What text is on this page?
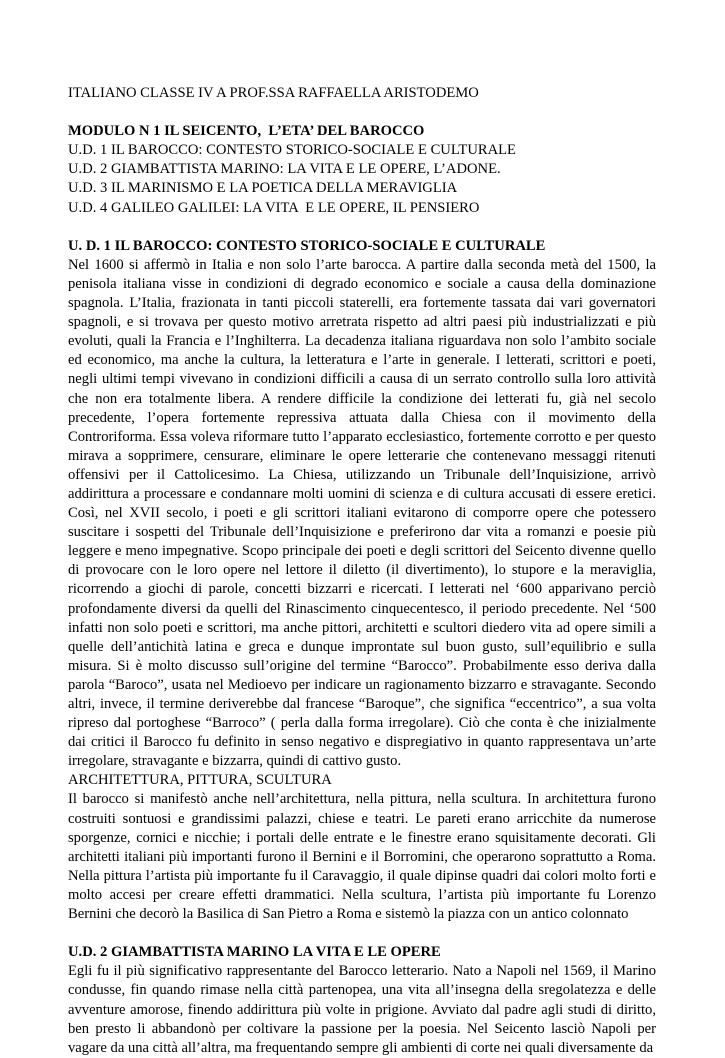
ITALIANO CLASSE IV A PROF.SSA RAFFAELLA ARISTODEMO
MODULO N 1 IL SEICENTO,  L’ETA’ DEL BAROCCO
U.D. 1 IL BAROCCO: CONTESTO STORICO-SOCIALE E CULTURALE
U.D. 2 GIAMBATTISTA MARINO: LA VITA E LE OPERE, L’ADONE.
U.D. 3 IL MARINISMO E LA POETICA DELLA MERAVIGLIA
U.D. 4 GALILEO GALILEI: LA VITA  E LE OPERE, IL PENSIERO
U. D. 1 IL BAROCCO: CONTESTO STORICO-SOCIALE E CULTURALE
Nel 1600 si affermò in Italia e non solo l’arte barocca. A partire dalla seconda metà del 1500, la penisola italiana visse in condizioni di degrado economico e sociale a causa della dominazione spagnola. L’Italia, frazionata in tanti piccoli staterelli, era fortemente tassata dai vari governatori spagnoli, e si trovava per questo motivo arretrata rispetto ad altri paesi più industrializzati e più evoluti, quali la Francia e l’Inghilterra. La decadenza italiana riguardava non solo l’ambito sociale ed economico, ma anche la cultura, la letteratura e l’arte in generale. I letterati, scrittori e poeti, negli ultimi tempi vivevano in condizioni difficili a causa di un serrato controllo sulla loro attività che non era totalmente libera. A rendere difficile la condizione dei letterati fu, già nel secolo precedente, l’opera fortemente repressiva attuata dalla Chiesa con il movimento della Controriforma. Essa voleva riformare tutto l’apparato ecclesiastico, fortemente corrotto e per questo mirava a sopprimere, censurare, eliminare le opere letterarie che contenevano messaggi ritenuti offensivi per il Cattolicesimo. La Chiesa, utilizzando un Tribunale dell’Inquisizione, arrivò addirittura a processare e condannare molti uomini di scienza e di cultura accusati di essere eretici. Così, nel XVII secolo, i poeti e gli scrittori italiani evitarono di comporre opere che potessero suscitare i sospetti del Tribunale dell’Inquisizione e preferirono dar vita a romanzi e poesie più leggere e meno impegnative. Scopo principale dei poeti e degli scrittori del Seicento divenne quello di provocare con le loro opere nel lettore il diletto (il divertimento), lo stupore e la meraviglia, ricorrendo a giochi di parole, concetti bizzarri e ricercati. I letterati nel ‘600 apparivano perciò profondamente diversi da quelli del Rinascimento cinquecentesco, il periodo precedente. Nel ‘500 infatti non solo poeti e scrittori, ma anche pittori, architetti e scultori diedero vita ad opere simili a quelle dell’antichità latina e greca e dunque improntate sul buon gusto, sull’equilibrio e sulla misura. Si è molto discusso sull’origine del termine “Barocco”. Probabilmente esso deriva dalla parola “Baroco”, usata nel Medioevo per indicare un ragionamento bizzarro e stravagante. Secondo altri, invece, il termine deriverebbe dal francese “Baroque”, che significa “eccentrico”, a sua volta ripreso dal portoghese “Barroco” ( perla dalla forma irregolare). Ciò che conta è che inizialmente dai critici il Barocco fu definito in senso negativo e dispregiativo in quanto rappresentava un’arte irregolare, stravagante e bizzarra, quindi di cattivo gusto.
ARCHITETTURA, PITTURA, SCULTURA
Il barocco si manifestò anche nell’architettura, nella pittura, nella scultura. In architettura furono costruiti sontuosi e grandissimi palazzi, chiese e teatri. Le pareti erano arricchite da numerose sporgenze, cornici e nicchie; i portali delle entrate e le finestre erano squisitamente decorati. Gli architetti italiani più importanti furono il Bernini e il Borromini, che operarono soprattutto a Roma. Nella pittura l’artista più importante fu il Caravaggio, il quale dipinse quadri dai colori molto forti e molto accesi per creare effetti drammatici. Nella scultura, l’artista più importante fu Lorenzo Bernini che decorò la Basilica di San Pietro a Roma e sistemò la piazza con un antico colonnato
U.D. 2 GIAMBATTISTA MARINO LA VITA E LE OPERE
Egli fu il più significativo rappresentante del Barocco letterario. Nato a Napoli nel 1569, il Marino condusse, fin quando rimase nella città partenopea, una vita all’insegna della sregolatezza e delle avventure amorose, finendo addirittura più volte in prigione. Avviato dal padre agli studi di diritto, ben presto li abbandonò per coltivare la passione per la poesia. Nel Seicento lasciò Napoli per vagare da una città all’altra, ma frequentando sempre gli ambienti di corte nei quali diversamente da
